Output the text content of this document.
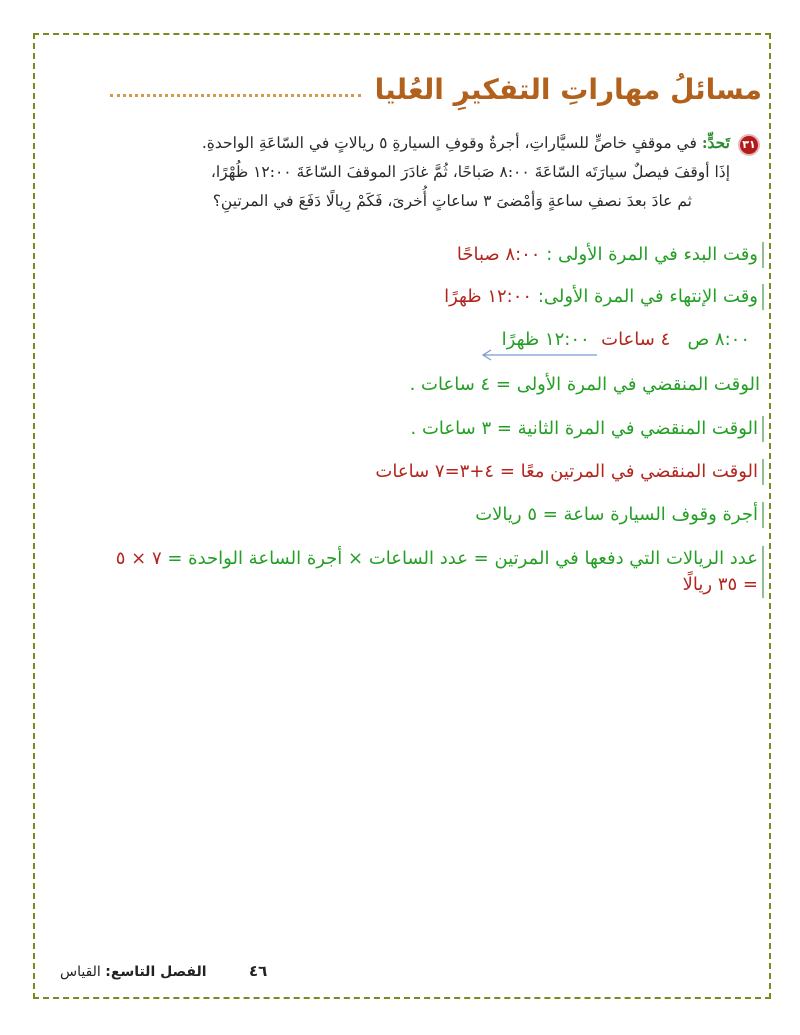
مسائلُ مهاراتِ التفكيرِ العُليا
٣١

تَحدٍّ: في موقفٍ خاصٍّ للسيَّاراتِ، أجرةُ وقوفِ السيارةِ ٥ ريالاتٍ في السّاعَةِ الواحدةِ.

إذَا أوقفَ فيصلٌ سيارَتَه السّاعَةَ ٨:٠٠ صَباحًا، ثُمَّ غادَرَ الموقفَ السّاعَةَ ١٢:٠٠ ظُهْرًا،

ثم عادَ بعدَ نصفِ ساعةٍ وَأمْضىَ ٣ ساعاتٍ أُخرىَ، فَكَمْ رِيالًا دَفَعَ في المرتينِ؟

وقت البدء في المرة الأولى : ٨:٠٠ صباحًا
وقت الإنتهاء في المرة الأولى: ١٢:٠٠ ظهرًا
٨:٠٠ ص   ٤ ساعات  ١٢:٠٠ ظهرًا
الوقت المنقضي في المرة الأولى = ٤ ساعات .
الوقت المنقضي في المرة الثانية = ٣ ساعات .
الوقت المنقضي في المرتين معًا = ٤+٣=٧ ساعات
أجرة وقوف السيارة ساعة = ٥ ريالات
عدد الريالات التي دفعها في المرتين = عدد الساعات × أجرة الساعة الواحدة = ٧ × ٥
= ٣٥ ريالًا
٤٦ الفصل التاسع: القياس
